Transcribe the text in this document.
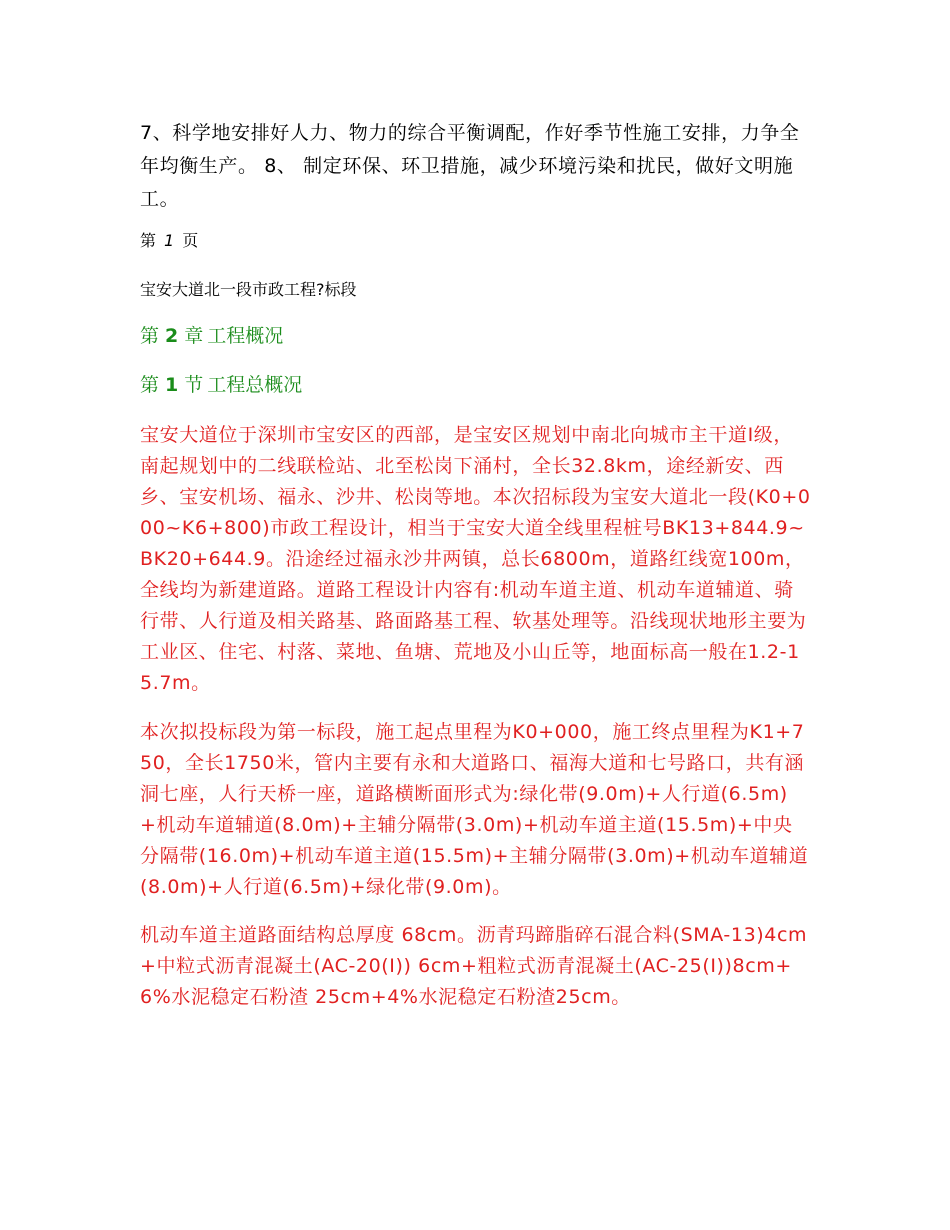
7、科学地安排好人力、物力的综合平衡调配，作好季节性施工安排，力争全年均衡生产。 8、 制定环保、环卫措施，减少环境污染和扰民，做好文明施工。

第 1 页
宝安大道北一段市政工程?标段
第 2 章 工程概况
第 1 节 工程总概况

宝安大道位于深圳市宝安区的西部，是宝安区规划中南北向城市主干道I级，南起规划中的二线联检站、北至松岗下涌村，全长32.8km，途经新安、西乡、宝安机场、福永、沙井、松岗等地。本次招标段为宝安大道北一段(K0+000~K6+800)市政工程设计，相当于宝安大道全线里程桩号BK13+844.9~BK20+644.9。沿途经过福永沙井两镇，总长6800m，道路红线宽100m，全线均为新建道路。道路工程设计内容有:机动车道主道、机动车道辅道、骑行带、人行道及相关路基、路面路基工程、软基处理等。沿线现状地形主要为工业区、住宅、村落、菜地、鱼塘、荒地及小山丘等，地面标高一般在1.2-15.7m。

本次拟投标段为第一标段，施工起点里程为K0+000，施工终点里程为K1+750，全长1750米，管内主要有永和大道路口、福海大道和七号路口，共有涵洞七座，人行天桥一座，道路横断面形式为:绿化带(9.0m)+人行道(6.5m)+机动车道辅道(8.0m)+主辅分隔带(3.0m)+机动车道主道(15.5m)+中央分隔带(16.0m)+机动车道主道(15.5m)+主辅分隔带(3.0m)+机动车道辅道(8.0m)+人行道(6.5m)+绿化带(9.0m)。

机动车道主道路面结构总厚度 68cm。沥青玛蹄脂碎石混合料(SMA-13)4cm+中粒式沥青混凝土(AC-20(I)) 6cm+粗粒式沥青混凝土(AC-25(I))8cm+6%水泥稳定石粉渣 25cm+4%水泥稳定石粉渣25cm。
